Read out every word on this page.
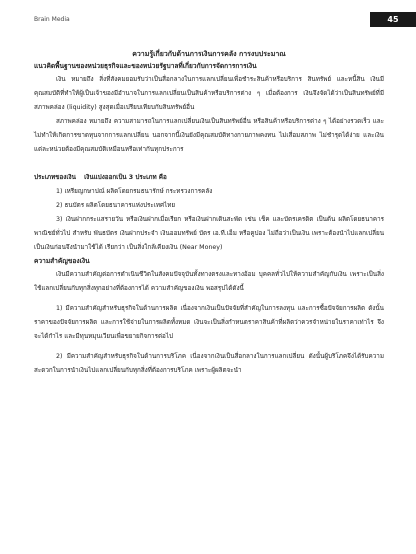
Brain Media	45
ความรู้เกี่ยวกับด้านการเงินการคลัง การงบประมาณ
แนวคิดพื้นฐานของหน่วยธุรกิจและของหน่วยรัฐบาลที่เกี่ยวกับการจัดการการเงิน

เงิน หมายถึง สิ่งที่สังคมยอมรับว่าเป็นสื่อกลางในการแลกเปลี่ยนเพื่อชำระสินค้าหรือบริการ สินทรัพย์ และหนี้สิน เงินมีคุณสมบัติที่ทำให้ผู้เป็นเจ้าของมีอำนาจในการแลกเปลี่ยนเป็นสินค้าหรือบริการต่าง ๆ เมื่อต้องการ เงินจึงจัดได้ว่าเป็นสินทรัพย์ที่มีสภาพคล่อง (liquidity) สูงสุดเมื่อเปรียบเทียบกับสินทรัพย์อื่น

สภาพคล่อง หมายถึง ความสามารถในการแลกเปลี่ยนเงินเป็นสินทรัพย์อื่น หรือสินค้าหรือบริการต่าง ๆ ได้อย่างรวดเร็ว และไม่ทำให้เกิดการขาดทุนจากการแลกเปลี่ยน นอกจากนี้เงินยังมีคุณสมบัติทางกายภาพคงทน ไม่เสื่อมสภาพ ไม่ชำรุดได้ง่าย และเงินแต่ละหน่วยต้องมีคุณสมบัติเหมือนหรือเท่ากันทุกประการ

ประเภทของเงิน เงินแบ่งออกเป็น 3 ประเภท คือ

1) เหรียญกษาปณ์ ผลิตโดยกรมธนารักษ์ กระทรวงการคลัง

2) ธนบัตร ผลิตโดยธนาคารแห่งประเทศไทย

3) เงินฝากกระแสรายวัน หรือเงินฝากเมื่อเรียก หรือเงินฝากเดินสะพัด เช่น เช็ค และบัตรเครดิต เป็นต้น ผลิตโดยธนาคารพาณิชย์ทั่วไป สำหรับ พันธบัตร เงินฝากประจำ เงินออมทรัพย์ บัตร เอ.ที.เอ็ม หรือคูปอง ไม่ถือว่าเป็นเงิน เพราะต้องนำไปแลกเปลี่ยนเป็นเงินก่อนจึงนำมาใช้ได้ เรียกว่า เป็นสิ่งใกล้เคียงเงิน (Near Money)

ความสำคัญของเงิน

เงินมีความสำคัญต่อการดำเนินชีวิตในสังคมปัจจุบันทั้งทางตรงและทางอ้อม บุคคลทั่วไปให้ความสำคัญกับเงิน เพราะเป็นสิ่งใช้แลกเปลี่ยนกับทุกสิ่งทุกอย่างที่ต้องการได้ ความสำคัญของเงิน พอสรุปได้ดังนี้

1) มีความสำคัญสำหรับธุรกิจในด้านการผลิต เนื่องจากเงินเป็นปัจจัยที่สำคัญในการลงทุน และการซื้อปัจจัยการผลิต ดังนั้นราคาของปัจจัยการผลิต และการใช้จ่ายในการผลิตทั้งหมด เงินจะเป็นสิ่งกำหนดราคาสินค้าที่ผลิตว่าควรจำหน่ายในราคาเท่าไร จึงจะได้กำไร และมีทุนหมุนเวียนเพื่อขยายกิจการต่อไป

2) มีความสำคัญสำหรับธุรกิจในด้านการบริโภค เนื่องจากเงินเป็นสื่อกลางในการแลกเปลี่ยน ดังนั้นผู้บริโภคจึงได้รับความสะดวกในการนำเงินไปแลกเปลี่ยนกับทุกสิ่งที่ต้องการบริโภค เพราะผู้ผลิตจะนำ
